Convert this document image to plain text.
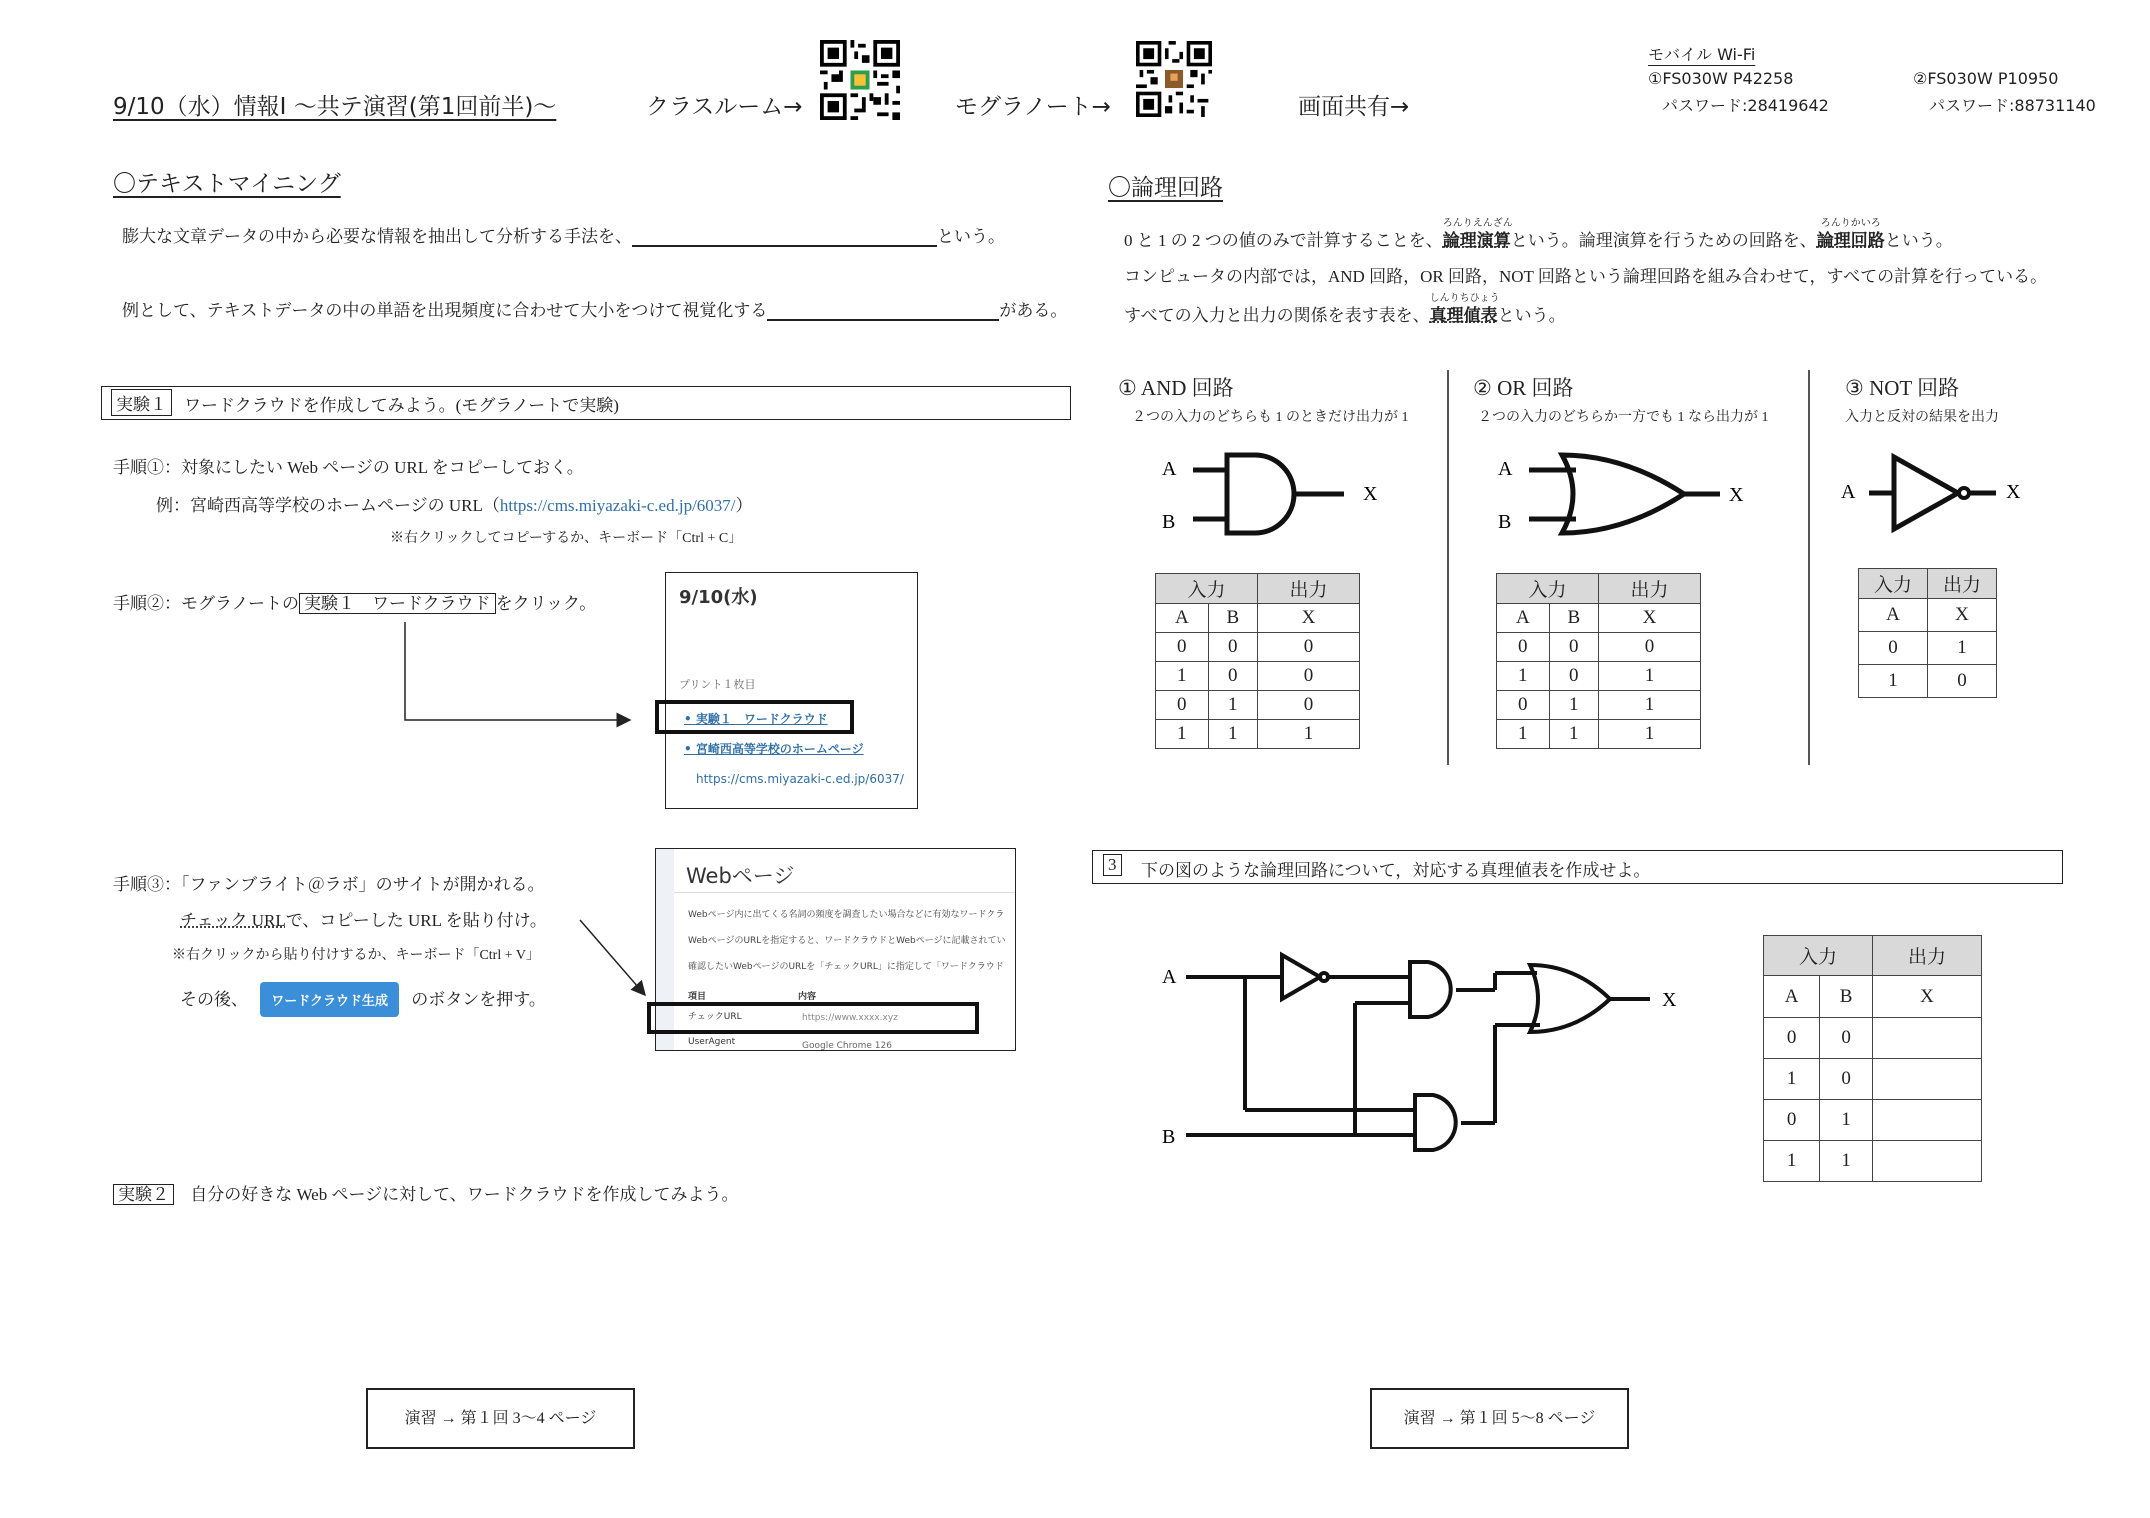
9/10（水）情報Ⅰ ～共テ演習(第1回前半)～	クラスルーム→	モグラノート→	画面共有→
モバイル Wi-Fi
①FS030W P42258
パスワード:28419642
②FS030W P10950
パスワード:88731140
〇テキストマイニング
膨大な文章データの中から必要な情報を抽出して分析する手法を、	という。
例として、テキストデータの中の単語を出現頻度に合わせて大小をつけて視覚化する	がある。
実験１ ワードクラウドを作成してみよう。(モグラノートで実験)
手順①：対象にしたい Web ページの URL をコピーしておく。
例：宮崎西高等学校のホームページの URL（https://cms.miyazaki-c.ed.jp/6037/）
※右クリックしてコピーするか、キーボード「Ctrl + C」
手順②：モグラノートの 実験１　ワードクラウド をクリック。	9/10(水)
プリント１枚目
• 実験１　ワードクラウド
• 宮崎西高等学校のホームページ
https://cms.miyazaki-c.ed.jp/6037/
手順③：「ファンブライト＠ラボ」のサイトが開かれる。
チェック URLで、コピーした URL を貼り付け。
※右クリックから貼り付けするか、キーボード「Ctrl + V」
その後、 ワードクラウド生成 のボタンを押す。
Webページ
Webページ内に出てくる名詞の頻度を調査したい場合などに有効なワードクラ
WebページのURLを指定すると、ワードクラウドとWebページに記載されてい
確認したいWebページのURLを「チェックURL」に指定して「ワードクラウド
項目	内容
チェックURL	https://www.xxxx.xyz
UserAgent	Google Chrome 126
実験２ 自分の好きな Web ページに対して、ワードクラウドを作成してみよう。
演習 → 第１回 3〜4 ページ
〇論理回路
0 と 1 の 2 つの値のみで計算することを、
ろんりえんざん
論理演算という。論理演算を行うための回路を、
ろんりかいろ
論理回路という。
コンピュータの内部では，AND 回路，OR 回路，NOT 回路という論理回路を組み合わせて，すべての計算を行っている。
すべての入力と出力の関係を表す表を、
しんりちひょう
真理値表という。
① AND 回路
２つの入力のどちらも 1 のときだけ出力が 1
② OR 回路
２つの入力のどちらか一方でも 1 なら出力が 1
③ NOT 回路
入力と反対の結果を出力
A
B
X
A
B
X	A	X
入力		出力
A	B	X
0	0	0
1	0	0
0	1	0
1	1	1
入力		出力
A	B	X
0	0	0
1	0	1
0	1	1
1	1	1
入力	出力
A	X
0	1
1	0
3 下の図のような論理回路について，対応する真理値表を作成せよ。
A
B
X
入力		出力
A	B	X
0	0	
1	0	
0	1	
1	1	
演習 → 第１回 5〜8 ページ
